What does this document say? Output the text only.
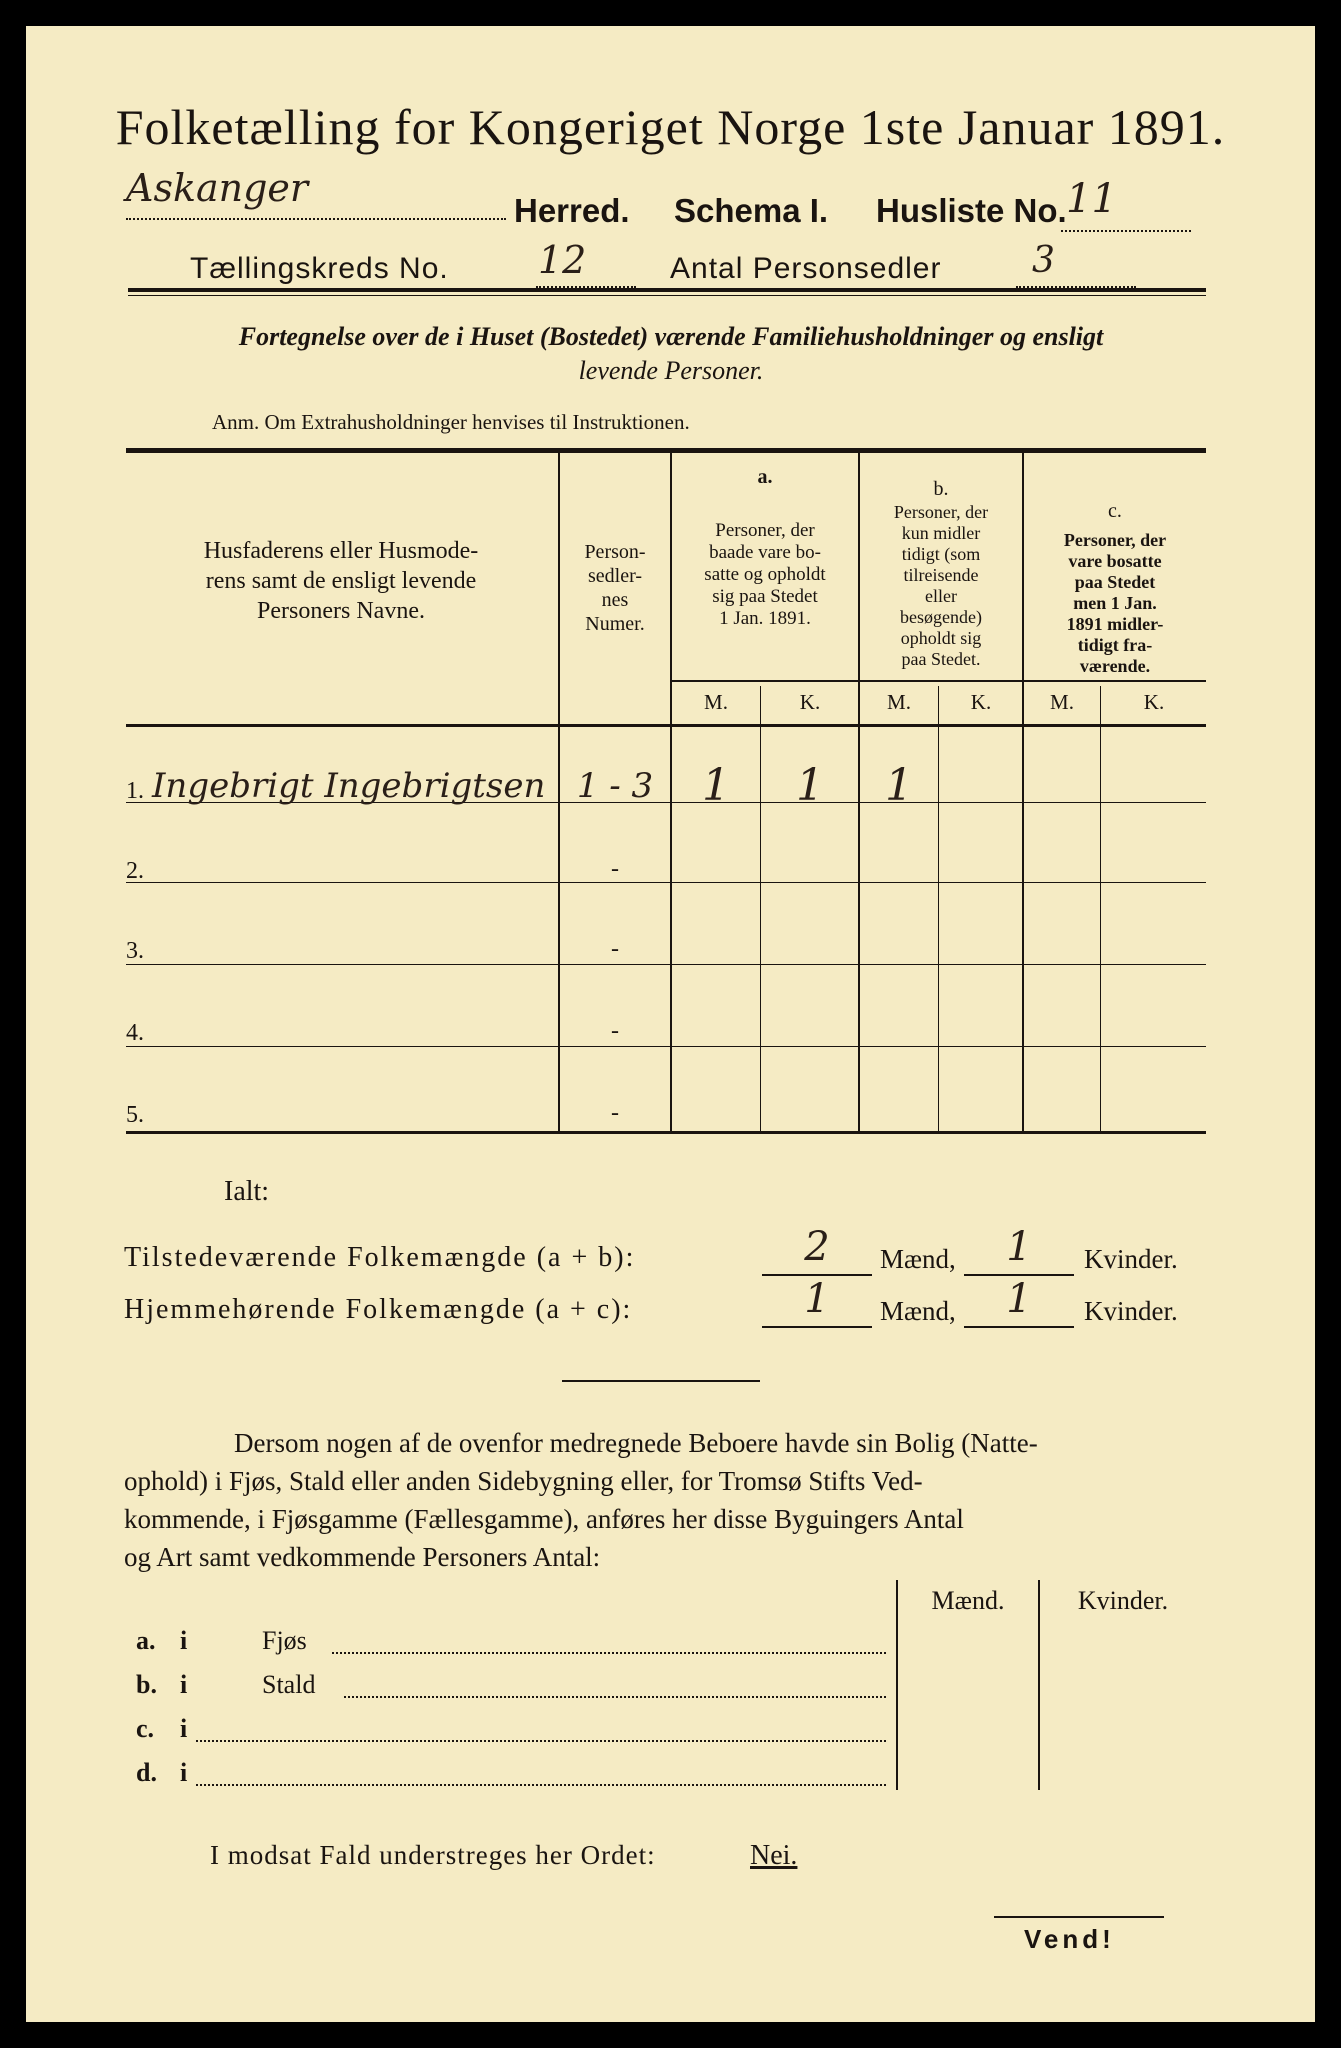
Folketælling for Kongeriget Norge 1ste Januar 1891.
Askanger
Herred. Schema I. Husliste No. 11
Tællingskreds No. 12	Antal Personsedler	3
Fortegnelse over de i Huset (Bostedet) værende Familiehusholdninger og ensligt
levende Personer.
Anm. Om Extrahusholdninger henvises til Instruktionen.
Husfaderens eller Husmode-
rens samt de ensligt levende
Personers Navne.
Person-
sedler-
nes
Numer.
a.
Personer, der
baade vare bo-
satte og opholdt
sig paa Stedet
1 Jan. 1891.
b.
Personer, der
kun midler
tidigt (som
tilreisende
eller
besøgende)
opholdt sig
paa Stedet.
c.
Personer, der
vare bosatte
paa Stedet
men 1 Jan.
1891 midler-
tidigt fra-
værende.
M.	K.	M.	K.	M.	K.
1. Ingebrigt Ingebrigtsen 1 - 3	1	1	1
2.	-
3.	-
4.	-
5.	-
Ialt:
Tilstedeværende Folkemængde (a + b):	2	Mænd,	1	Kvinder.
Hjemmehørende Folkemængde (a + c):	1	Mænd,	1	Kvinder.
Dersom nogen af de ovenfor medregnede Beboere havde sin Bolig (Natte-
ophold) i Fjøs, Stald eller anden Sidebygning eller, for Tromsø Stifts Ved-
kommende, i Fjøsgamme (Fællesgamme), anføres her disse Byguingers Antal
og Art samt vedkommende Personers Antal:
Mænd.	Kvinder.
a. i	Fjøs
b. i	Stald
c. i
d. i
I modsat Fald understreges her Ordet:	Nei.
Vend!
